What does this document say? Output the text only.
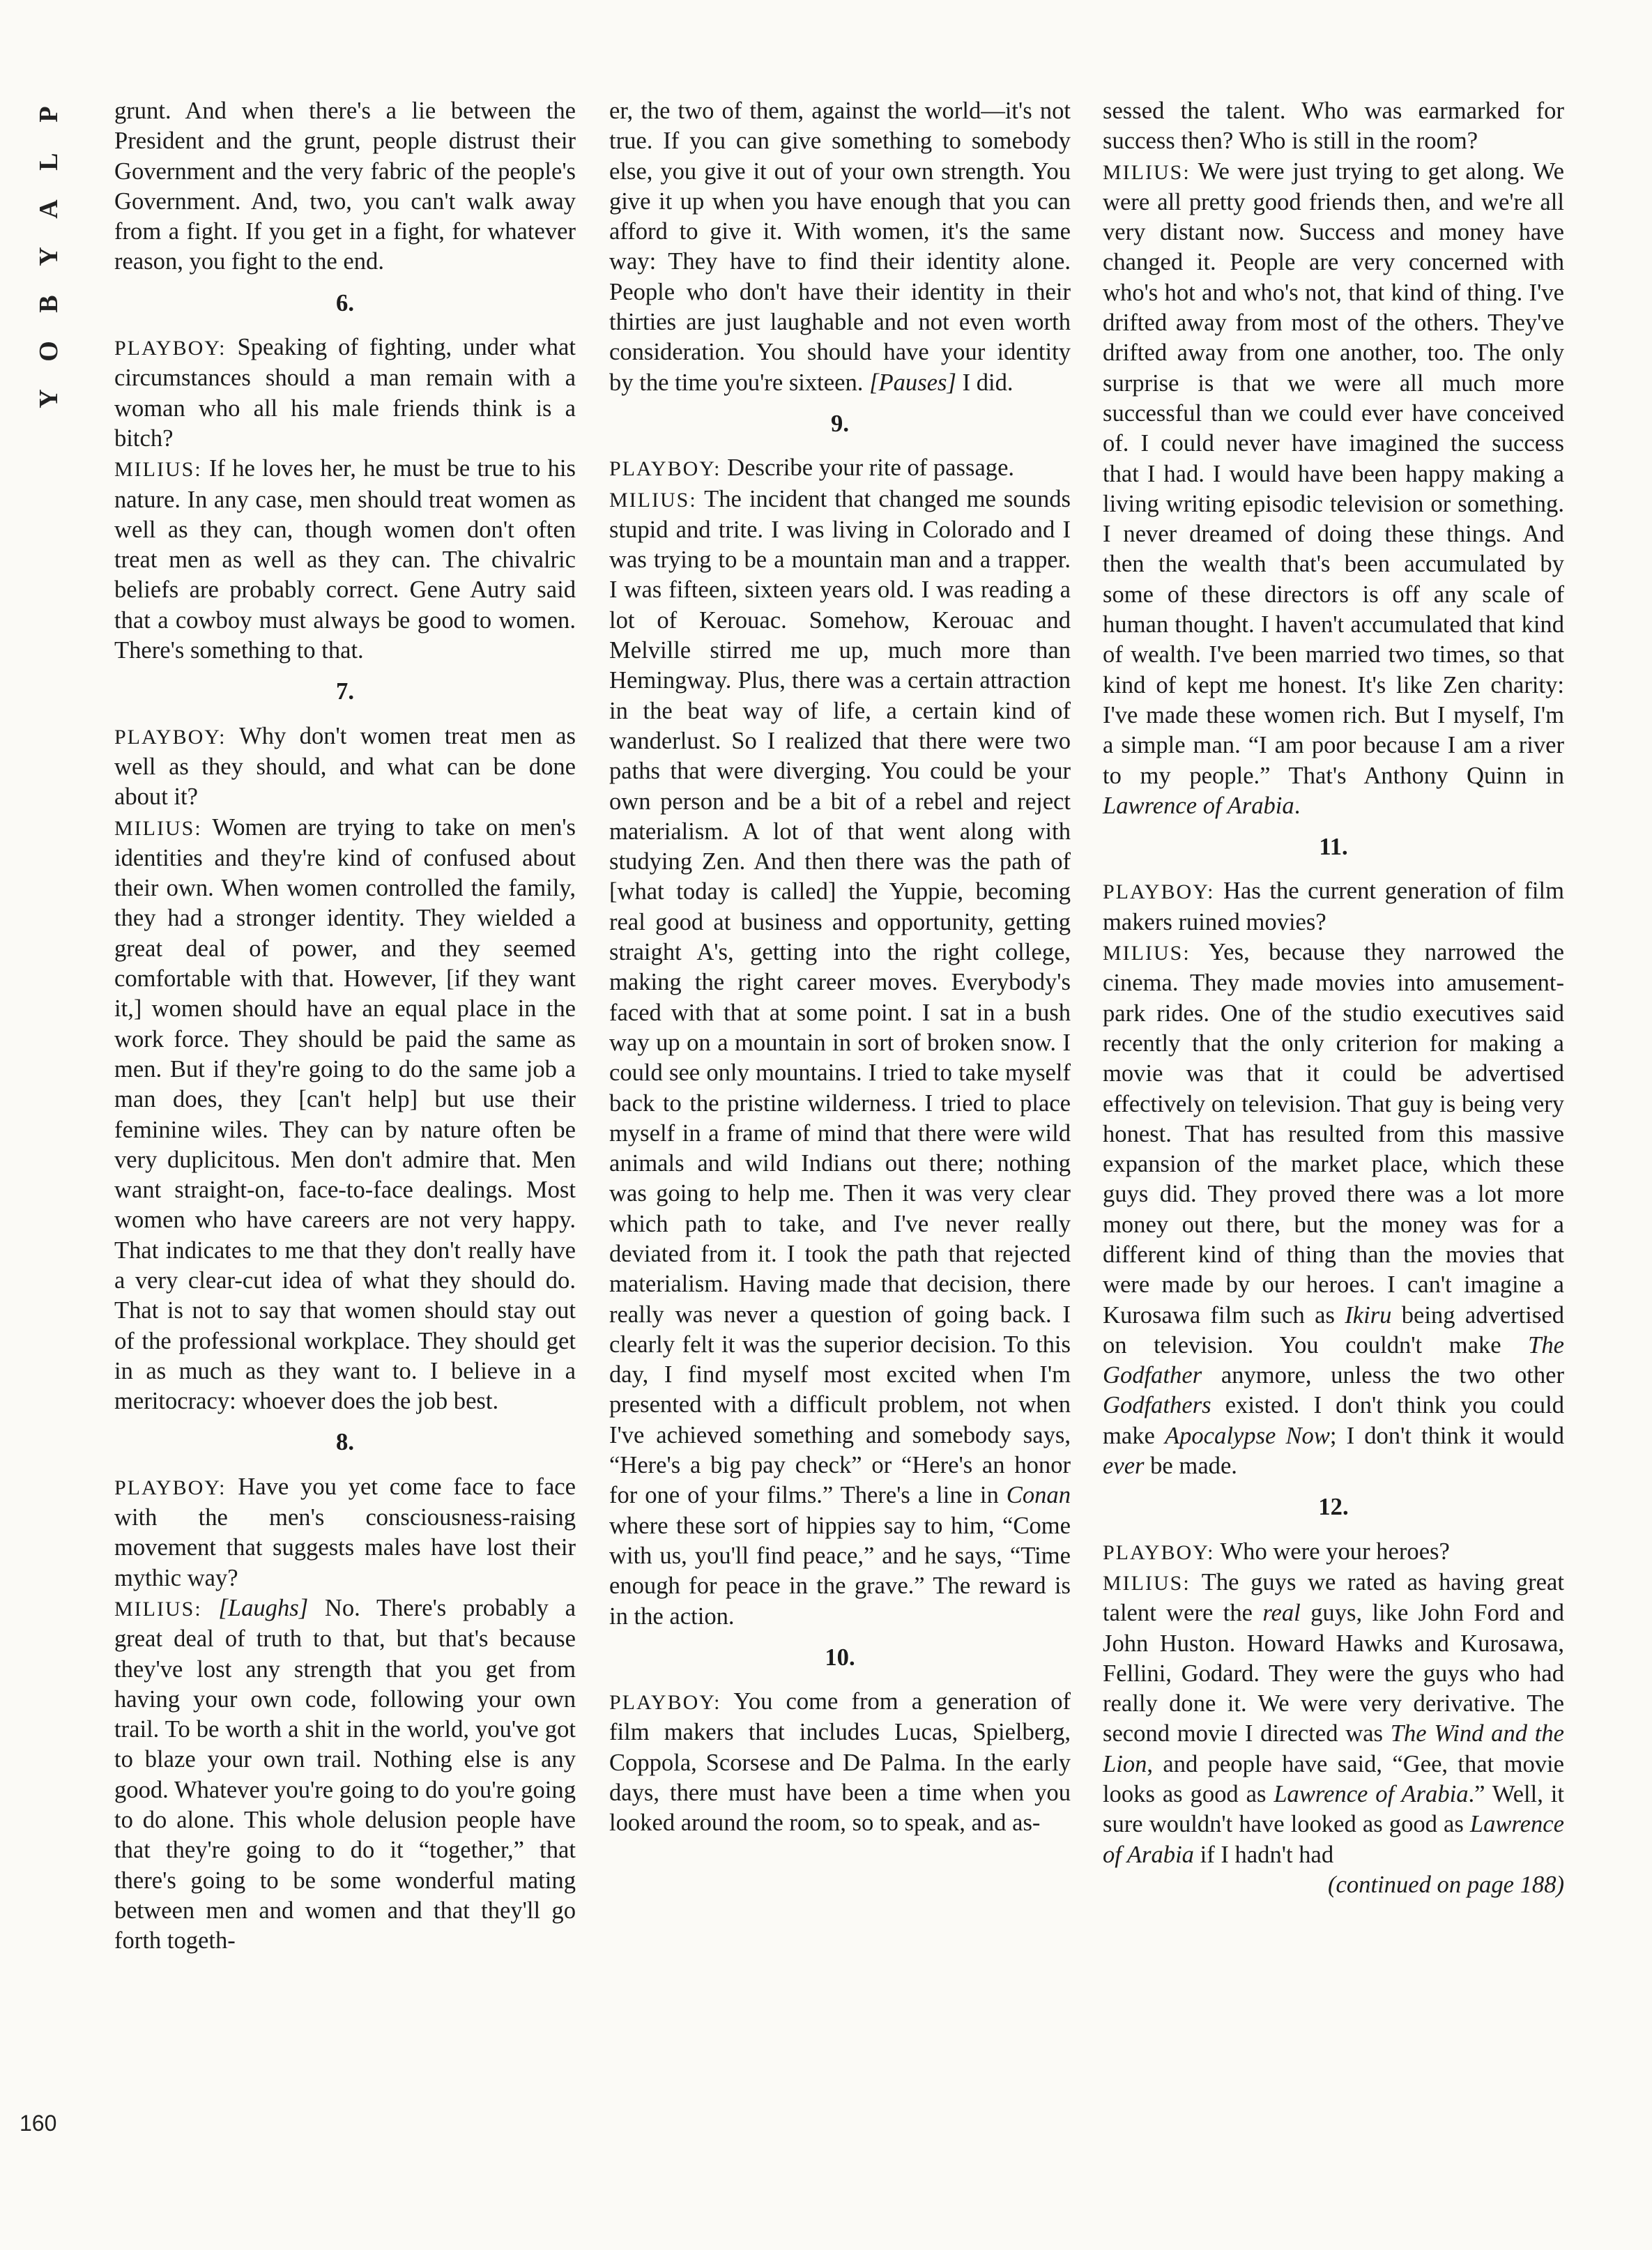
P
L
A
Y
B
O
Y
160

grunt. And when there's a lie between the President and the grunt, people distrust their Government and the very fabric of the people's Government. And, two, you can't walk away from a fight. If you get in a fight, for whatever reason, you fight to the end.

6.

PLAYBOY: Speaking of fighting, under what circumstances should a man remain with a woman who all his male friends think is a bitch?

MILIUS: If he loves her, he must be true to his nature. In any case, men should treat women as well as they can, though women don't often treat men as well as they can. The chivalric beliefs are probably correct. Gene Autry said that a cowboy must always be good to women. There's something to that.

7.

PLAYBOY: Why don't women treat men as well as they should, and what can be done about it?

MILIUS: Women are trying to take on men's identities and they're kind of confused about their own. When women controlled the family, they had a stronger identity. They wielded a great deal of power, and they seemed comfortable with that. However, [if they want it,] women should have an equal place in the work force. They should be paid the same as men. But if they're going to do the same job a man does, they [can't help] but use their feminine wiles. They can by nature often be very duplicitous. Men don't admire that. Men want straight-on, face-to-face dealings. Most women who have careers are not very happy. That indicates to me that they don't really have a very clear-cut idea of what they should do. That is not to say that women should stay out of the professional workplace. They should get in as much as they want to. I believe in a meritocracy: whoever does the job best.

8.

PLAYBOY: Have you yet come face to face with the men's consciousness-raising movement that suggests males have lost their mythic way?

MILIUS: [Laughs] No. There's probably a great deal of truth to that, but that's because they've lost any strength that you get from having your own code, following your own trail. To be worth a shit in the world, you've got to blaze your own trail. Nothing else is any good. Whatever you're going to do you're going to do alone. This whole delusion people have that they're going to do it “together,” that there's going to be some wonderful mating between men and women and that they'll go forth togeth-

er, the two of them, against the world—it's not true. If you can give something to somebody else, you give it out of your own strength. You give it up when you have enough that you can afford to give it. With women, it's the same way: They have to find their identity alone. People who don't have their identity in their thirties are just laughable and not even worth consideration. You should have your identity by the time you're sixteen. [Pauses] I did.

9.

PLAYBOY: Describe your rite of passage.

MILIUS: The incident that changed me sounds stupid and trite. I was living in Colorado and I was trying to be a mountain man and a trapper. I was fifteen, sixteen years old. I was reading a lot of Kerouac. Somehow, Kerouac and Melville stirred me up, much more than Hemingway. Plus, there was a certain attraction in the beat way of life, a certain kind of wanderlust. So I realized that there were two paths that were diverging. You could be your own person and be a bit of a rebel and reject materialism. A lot of that went along with studying Zen. And then there was the path of [what today is called] the Yuppie, becoming real good at business and opportunity, getting straight A's, getting into the right college, making the right career moves. Everybody's faced with that at some point. I sat in a bush way up on a mountain in sort of broken snow. I could see only mountains. I tried to take myself back to the pristine wilderness. I tried to place myself in a frame of mind that there were wild animals and wild Indians out there; nothing was going to help me. Then it was very clear which path to take, and I've never really deviated from it. I took the path that rejected materialism. Having made that decision, there really was never a question of going back. I clearly felt it was the superior decision. To this day, I find myself most excited when I'm presented with a difficult problem, not when I've achieved something and somebody says, “Here's a big pay check” or “Here's an honor for one of your films.” There's a line in Conan where these sort of hippies say to him, “Come with us, you'll find peace,” and he says, “Time enough for peace in the grave.” The reward is in the action.

10.

PLAYBOY: You come from a generation of film makers that includes Lucas, Spielberg, Coppola, Scorsese and De Palma. In the early days, there must have been a time when you looked around the room, so to speak, and as-

sessed the talent. Who was earmarked for success then? Who is still in the room?

MILIUS: We were just trying to get along. We were all pretty good friends then, and we're all very distant now. Success and money have changed it. People are very concerned with who's hot and who's not, that kind of thing. I've drifted away from most of the others. They've drifted away from one another, too. The only surprise is that we were all much more successful than we could ever have conceived of. I could never have imagined the success that I had. I would have been happy making a living writing episodic television or something. I never dreamed of doing these things. And then the wealth that's been accumulated by some of these directors is off any scale of human thought. I haven't accumulated that kind of wealth. I've been married two times, so that kind of kept me honest. It's like Zen charity: I've made these women rich. But I myself, I'm a simple man. “I am poor because I am a river to my people.” That's Anthony Quinn in Lawrence of Arabia.

11.

PLAYBOY: Has the current generation of film makers ruined movies?

MILIUS: Yes, because they narrowed the cinema. They made movies into amusement-park rides. One of the studio executives said recently that the only criterion for making a movie was that it could be advertised effectively on television. That guy is being very honest. That has resulted from this massive expansion of the market place, which these guys did. They proved there was a lot more money out there, but the money was for a different kind of thing than the movies that were made by our heroes. I can't imagine a Kurosawa film such as Ikiru being advertised on television. You couldn't make The Godfather anymore, unless the two other Godfathers existed. I don't think you could make Apocalypse Now; I don't think it would ever be made.

12.

PLAYBOY: Who were your heroes?

MILIUS: The guys we rated as having great talent were the real guys, like John Ford and John Huston. Howard Hawks and Kurosawa, Fellini, Godard. They were the guys who had really done it. We were very derivative. The second movie I directed was The Wind and the Lion, and people have said, “Gee, that movie looks as good as Lawrence of Arabia.” Well, it sure wouldn't have looked as good as Lawrence of Arabia if I hadn't had

(continued on page 188)
